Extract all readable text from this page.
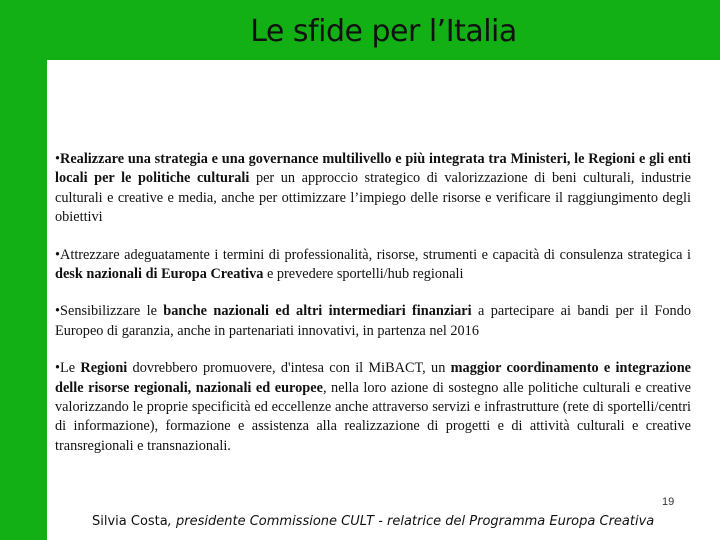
Le sfide per l’Italia

•Realizzare una strategia e una governance multilivello e più integrata tra Ministeri, le Regioni e gli enti locali per le politiche culturali per un approccio strategico di valorizzazione di beni culturali, industrie culturali e creative e media, anche per ottimizzare l’impiego delle risorse e verificare il raggiungimento degli obiettivi

•Attrezzare adeguatamente i termini di professionalità, risorse, strumenti e capacità di consulenza strategica i desk nazionali di Europa Creativa e prevedere sportelli/hub regionali

•Sensibilizzare le banche nazionali ed altri intermediari finanziari a partecipare ai bandi per il Fondo Europeo di garanzia, anche in partenariati innovativi, in partenza nel 2016

•Le Regioni dovrebbero promuovere, d'intesa con il MiBACT, un maggior coordinamento e integrazione delle risorse regionali, nazionali ed europee, nella loro azione di sostegno alle politiche culturali e creative valorizzando le proprie specificità ed eccellenze anche attraverso servizi e infrastrutture (rete di sportelli/centri di informazione), formazione e assistenza alla realizzazione di progetti e di attività culturali e creative transregionali e transnazionali.

19
Silvia Costa, presidente Commissione CULT - relatrice del Programma Europa Creativa
